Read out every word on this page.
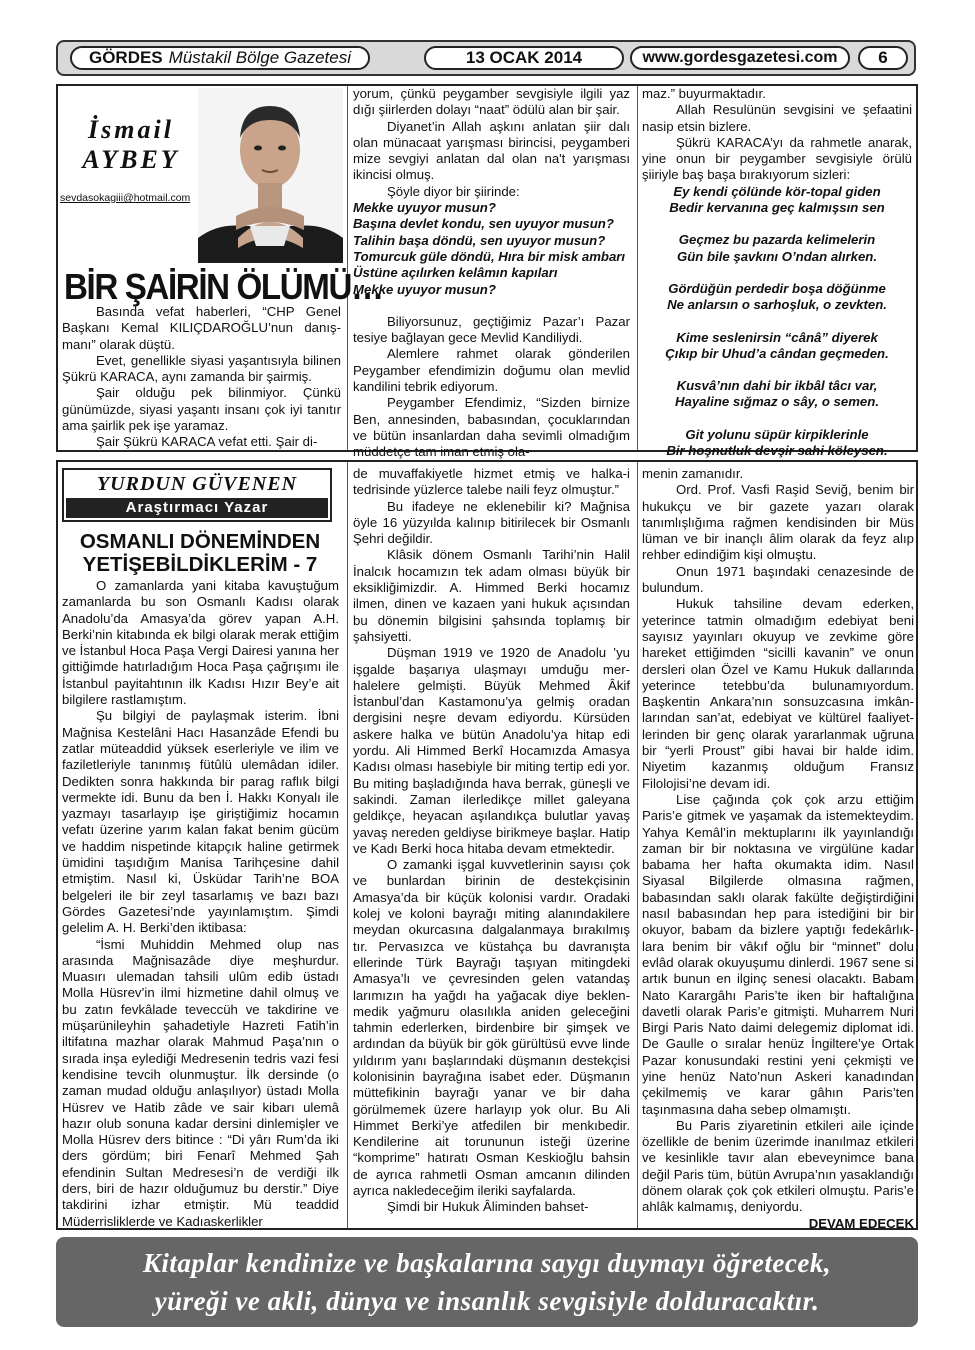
GÖRDES Müstakil Bölge Gazetesi	13 OCAK 2014	www.gordesgazetesi.com 6
İsmail
AYBEY
sevdasokagiii@hotmail.com
BİR ŞAİRİN ÖLÜMÜ…

Basında vefat haberleri, “CHP Genel Başkanı Kemal KILIÇDAROĞLU’nun danışmanı” olarak düştü.

Evet, genellikle siyasi yaşantısıyla bilinen Şükrü KARACA, aynı zamanda bir şairmiş.

Şair olduğu pek bilinmiyor. Çünkü günümüzde, siyasi yaşantı insanı çok iyi tanıtır ama şairlik pek işe yaramaz.

Şair Şükrü KARACA vefat etti. Şair di-

yorum, çünkü peygamber sevgisiyle ilgili yaz dığı şiirlerden dolayı “naat” ödülü alan bir şair.

Diyanet’in Allah aşkını anlatan şiir dalı olan münacaat yarışması birincisi, peygamberi mize sevgiyi anlatan dal olan na't yarışması ikincisi olmuş.

Şöyle diyor bir şiirinde:

Mekke uyuyor musun?

Başına devlet kondu, sen uyuyor musun?

Talihin başa döndü, sen uyuyor musun?

Tomurcuk güle döndü, Hıra bir misk ambarı

Üstüne açılırken kelâmın kapıları

Mekke uyuyor musun?

Biliyorsunuz, geçtiğimiz Pazar’ı Pazar tesiye bağlayan gece Mevlid Kandiliydi.

Alemlere rahmet olarak gönderilen Peygamber efendimizin doğumu olan mevlid kandilini tebrik ediyorum.

Peygamber Efendimiz, “Sizden birnize Ben, annesinden, babasından, çocuklarından ve bütün insanlardan daha sevimli olmadığım müddetçe tam iman etmiş ola-

maz.” buyurmaktadır.

Allah Resulünün sevgisini ve şefaatini nasip etsin bizlere.

Şükrü KARACA’yı da rahmetle anarak, yine onun bir peygamber sevgisiyle örülü şiiriyle baş başa bırakıyorum sizleri:

Ey kendi çölünde kör-topal giden

Bedir kervanına geç kalmışsın sen

Geçmez bu pazarda kelimelerin

Gün bile şavkını O’ndan alırken.

Gördüğün perdedir boşa döğünme

Ne anlarsın o sarhoşluk, o zevkten.

Kime seslenirsin “cânâ” diyerek

Çıkıp bir Uhud’a cândan geçmeden.

Kusvâ’nın dahi bir ikbâl tâcı var,

Hayaline sığmaz o sây, o semen.

Git yolunu süpür kirpiklerinle

Bir hoşnutluk devşir sahi köleysen.

YURDUN GÜVENEN
Araştırmacı Yazar
OSMANLI DÖNEMİNDEN YETİŞEBİLDİKLERİM - 7

O zamanlarda yani kitaba kavuştuğum zamanlarda bu son Osmanlı Kadısı olarak Anadolu’da Amasya’da görev yapan A.H. Berki’nin kitabında ek bilgi olarak merak ettiğim ve İstanbul Hoca Paşa Vergi Dairesi yanına her gittiğimde hatırladığım Hoca Paşa çağrışımı ile İstanbul payitahtının ilk Kadısı Hızır Bey’e ait bilgilere rastlamıştım.

Şu bilgiyi de paylaşmak isterim. İbni Mağnisa Kestelâni Hacı Hasanzâde Efendi bu zatlar müteaddid yüksek eserleriyle ve ilim ve faziletleriyle tanınmış fütûlü ulemâdan idiler. Dedikten sonra hakkında bir parag raflık bilgi vermekte idi. Bunu da ben İ. Hakkı Konyalı ile yazmayı tasarlayıp işe giriştiğimiz hocamın vefatı üzerine yarım kalan fakat benim gücüm ve haddim nispetinde kitapçık haline getirmek ümidini taşıdığım Manisa Tarihçesine dahil etmiştim. Nasıl ki, Üsküdar Tarih’ne BOA belgeleri ile bir zeyl tasarlamış ve bazı bazı Gördes Gazetesi’nde yayınlamıştım. Şimdi gelelim A. H. Berki’den iktibasa:

“İsmi Muhiddin Mehmed olup nas arasında Mağnisazâde diye meşhurdur. Muasırı ulemadan tahsili ulûm edib üstadı Molla Hüsrev’in ilmi hizmetine dahil olmuş ve bu zatın fevkâlade teveccüh ve takdirine ve müşarünileyhin şahadetiyle Hazreti Fatih’in iltifatına mazhar olarak Mahmud Paşa’nın o sırada inşa eylediği Medresenin tedris vazi fesi kendisine tevcih olunmuştur. İlk dersinde (o zaman mudad olduğu anlaşılıyor) üstadı Molla Hüsrev ve Hatib zâde ve sair kibarı ulemâ hazır olub sonuna kadar dersini dinlemişler ve Molla Hüsrev ders bitince : “Di yârı Rum’da iki ders gördüm; biri Fenarî Mehmed Şah efendinin Sultan Medresesi’n de verdiği ilk ders, biri de hazır olduğumuz bu derstir.” Diye takdirini izhar etmiştir. Mü teaddid Müderrisliklerde ve Kadıaskerlikler

de muvaffakiyetle hizmet etmiş ve halka-i tedrisinde yüzlerce talebe naili feyz olmuştur.”

Bu ifadeye ne eklenebilir ki? Mağnisa öyle 16 yüzyılda kalınıp bitirilecek bir Osmanlı Şehri değildir.

Klâsik dönem Osmanlı Tarihi’nin Halil İnalcık hocamızın tek adam olması büyük bir eksikliğimizdir. A. Himmed Berki hocamız ilmen, dinen ve kazaen yani hukuk açısından bu dönemin bilgisini şahsında toplamış bir şahsiyetti.

Düşman 1919 ve 1920 de Anadolu ’yu işgalde başarıya ulaşmayı umduğu merhalelere gelmişti. Büyük Mehmed Âkif İstanbul’dan Kastamonu’ya gelmiş oradan dergisini neşre devam ediyordu. Kürsüden askere halka ve bütün Anadolu’ya hitap edi yordu. Ali Himmed Berkî Hocamızda Amasya Kadısı olması hasebiyle bir miting tertip edi yor. Bu miting başladığında hava berrak, güneşli ve sakindi. Zaman ilerledikçe millet galeyana geldikçe, heyacan aşılandıkça bulutlar yavaş yavaş nereden geldiyse birikmeye başlar. Hatip ve Kadı Berki hoca hitaba devam etmektedir.

O zamanki işgal kuvvetlerinin sayısı çok ve bunlardan birinin de destekçisinin Amasya’da bir küçük kolonisi vardır. Oradaki kolej ve koloni bayrağı miting alanındakilere meydan okurcasına dalgalanmaya bırakılmış tır. Pervasızca ve küstahça bu davranışta ellerinde Türk Bayrağı taşıyan mitingdeki Amasya’lı ve çevresinden gelen vatandaş larımızın ha yağdı ha yağacak diye beklenmedik yağmuru olasılıkla aniden geleceğini tahmin ederlerken, birdenbire bir şimşek ve ardından da büyük bir gök gürültüsü evve linde yıldırım yanı başlarındaki düşmanın destekçisi kolonisinin bayrağına isabet eder. Düşmanın müttefikinin bayrağı yanar ve bir daha görülmemek üzere harlayıp yok olur. Bu Ali Himmet Berki’ye atfedilen bir menkıbedir. Kendilerine ait torununun isteği üzerine “komprime” hatıratı Osman Keskioğlu bahsin de ayrıca rahmetli Osman amcanın dilinden ayrıca nakledeceğim ileriki sayfalarda.

Şimdi bir Hukuk Âliminden bahset-

menin zamanıdır.

Ord. Prof. Vasfi Raşid Seviğ, benim bir hukukçu ve bir gazete yazarı olarak tanımlışlığıma rağmen kendisinden bir Müs lüman ve bir inançlı âlim olarak da feyz alıp rehber edindiğim kişi olmuştu.

Onun 1971 başındaki cenazesinde de bulundum.

Hukuk tahsiline devam ederken, yeterince tatmin olmadığım edebiyat beni sayısız yayınları okuyup ve zevkime göre hareket ettiğimden “sicilli kavanin” ve onun dersleri olan Özel ve Kamu Hukuk dallarında yeterince tetebbu’da bulunamıyordum. Başkentin Ankara’nın sonsuzcasına imkânlarından san’at, edebiyat ve kültürel faaliyetlerinden bir genç olarak yararlanmak uğruna bir “yerli Proust” gibi havai bir halde idim. Niyetim kazanmış olduğum Fransız Filolojisi’ne devam idi.

Lise çağında çok çok arzu ettiğim Paris’e gitmek ve yaşamak da istemekteydim. Yahya Kemâl’in mektuplarını ilk yayınlandığı zaman bir bir noktasına ve virgülüne kadar babama her hafta okumakta idim. Nasıl Siyasal Bilgilerde olmasına rağmen, babasından saklı olarak fakülte değiştirdiğini nasıl babasından hep para istediğini bir bir okuyor, babam da bizlere yaptığı fedekârlıklara benim bir vâkıf oğlu bir “minnet” dolu evlâd olarak okuyuşumu dinlerdi. 1967 sene si artık bunun en ilginç senesi olacaktı. Babam Nato Karargâhı Paris’te iken bir haftalığına davetli olarak Paris’e gitmişti. Muharrem Nuri Birgi Paris Nato daimi delegemiz diplomat idi. De Gaulle o sıralar henüz İngiltere’ye Ortak Pazar konusundaki restini yeni çekmişti ve yine henüz Nato’nun Askeri kanadından çekilmemiş ve karar gâhın Paris’ten taşınmasına daha sebep olmamıştı.

Bu Paris ziyaretinin etkileri aile içinde özellikle de benim üzerimde inanılmaz etkileri ve kesinlikle tavır alan ebeveynimce bana değil Paris tüm, bütün Avrupa’nın yasaklandığı dönem olarak çok çok etkileri olmuştu. Paris’e ahlâk kalmamış, deniyordu.

DEVAM EDECEK

Kitaplar kendinize ve başkalarına saygı duymayı öğretecek,
yüreği ve akli, dünya ve insanlık sevgisiyle dolduracaktır.
